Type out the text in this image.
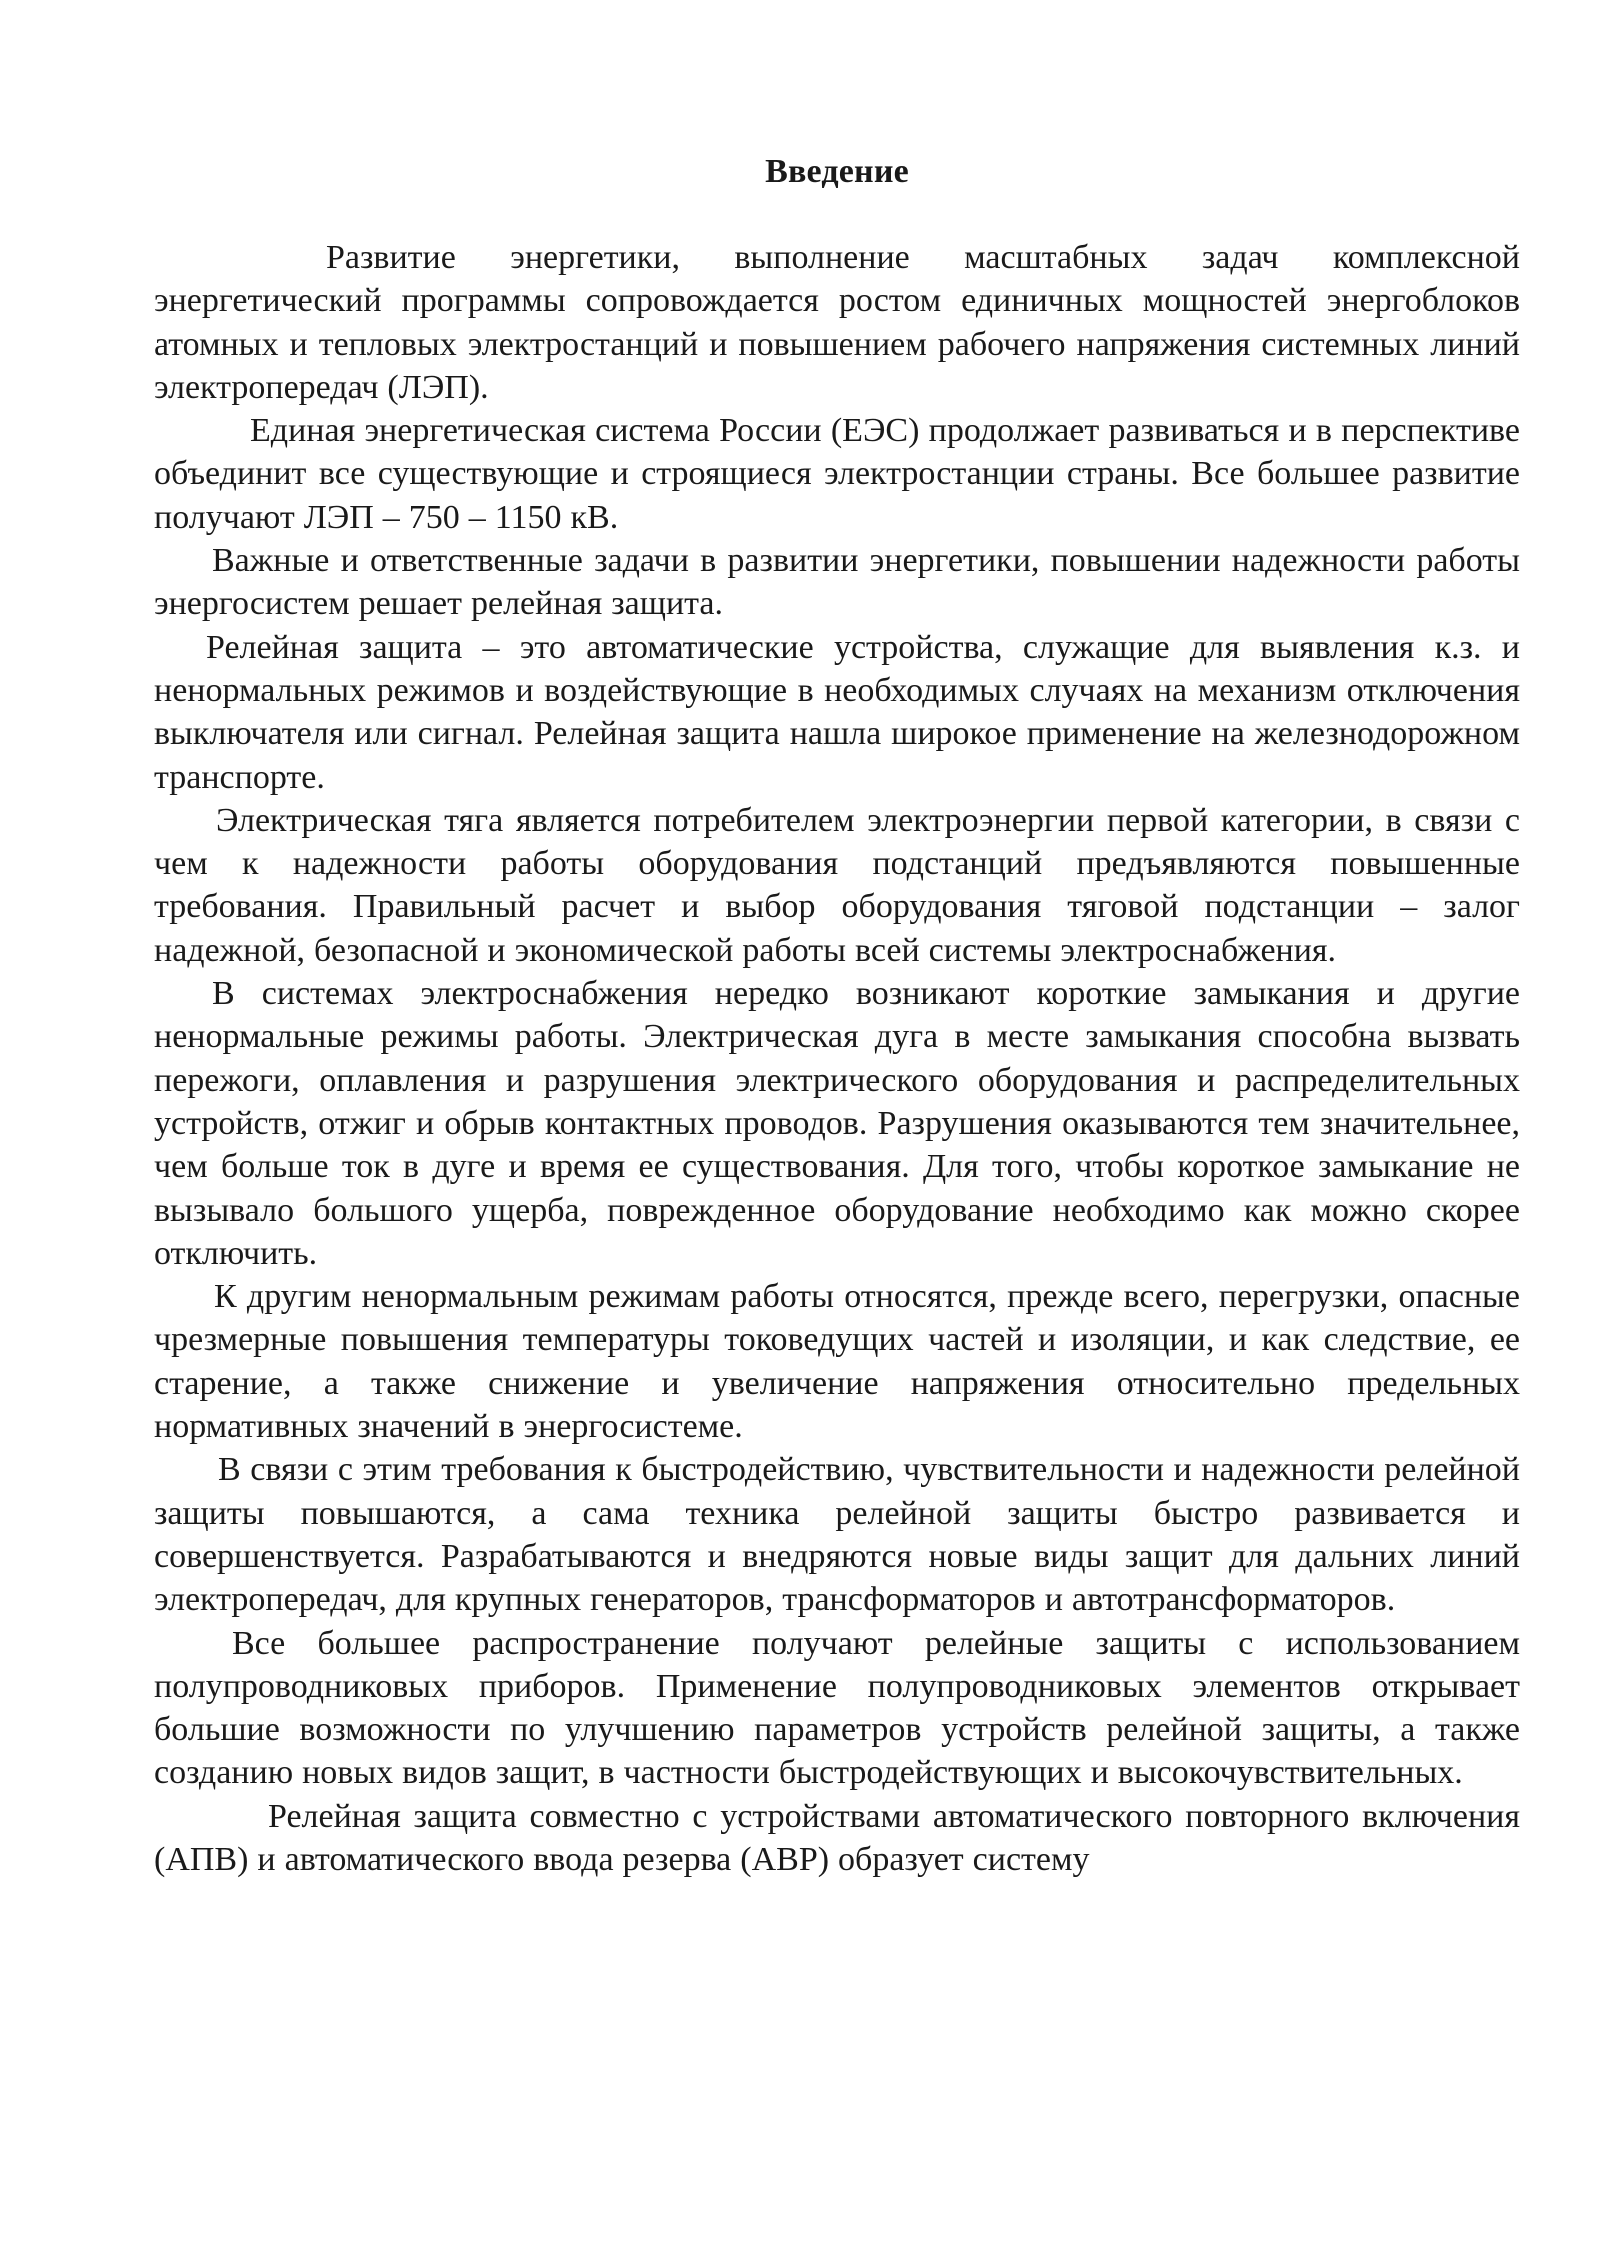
Введение

Развитие энергетики, выполнение масштабных задач комплексной энергетический программы сопровождается ростом единичных мощностей энергоблоков атомных и тепловых электростанций и повышением рабочего напряжения системных линий электропередач (ЛЭП).

Единая энергетическая система России (ЕЭС) продолжает развиваться и в перспективе объединит все существующие и строящиеся электростанции страны. Все большее развитие получают ЛЭП – 750 – 1150 кВ.

Важные и ответственные задачи в развитии энергетики, повышении надежности работы энергосистем решает релейная защита.

Релейная защита – это автоматические устройства, служащие для выявления к.з. и ненормальных режимов и воздействующие в необходимых случаях на механизм отключения выключателя или сигнал. Релейная защита нашла широкое применение на железнодорожном транспорте.

Электрическая тяга является потребителем электроэнергии первой категории, в связи с чем к надежности работы оборудования подстанций предъявляются повышенные требования. Правильный расчет и выбор оборудования тяговой подстанции – залог надежной, безопасной и экономической работы всей системы электроснабжения.

В системах электроснабжения нередко возникают короткие замыкания и другие ненормальные режимы работы. Электрическая дуга в месте замыкания способна вызвать пережоги, оплавления и разрушения электрического оборудования и распределительных устройств, отжиг и обрыв контактных проводов. Разрушения оказываются тем значительнее, чем больше ток в дуге и время ее существования. Для того, чтобы короткое замыкание не вызывало большого ущерба, поврежденное оборудование необходимо как можно скорее отключить.

К другим ненормальным режимам работы относятся, прежде всего, перегрузки, опасные чрезмерные повышения температуры токоведущих частей и изоляции, и как следствие, ее старение, а также снижение и увеличение напряжения относительно предельных нормативных значений в энергосистеме.

В связи с этим требования к быстродействию, чувствительности и надежности релейной защиты повышаются, а сама техника релейной защиты быстро развивается и совершенствуется. Разрабатываются и внедряются новые виды защит для дальних линий электропередач, для крупных генераторов, трансформаторов и автотрансформаторов.

Все большее распространение получают релейные защиты с использованием полупроводниковых приборов. Применение полупроводниковых элементов открывает большие возможности по улучшению параметров устройств релейной защиты, а также созданию новых видов защит, в частности быстродействующих и высокочувствительных.

Релейная защита совместно с устройствами автоматического повторного включения (АПВ) и автоматического ввода резерва (АВР) образует систему
